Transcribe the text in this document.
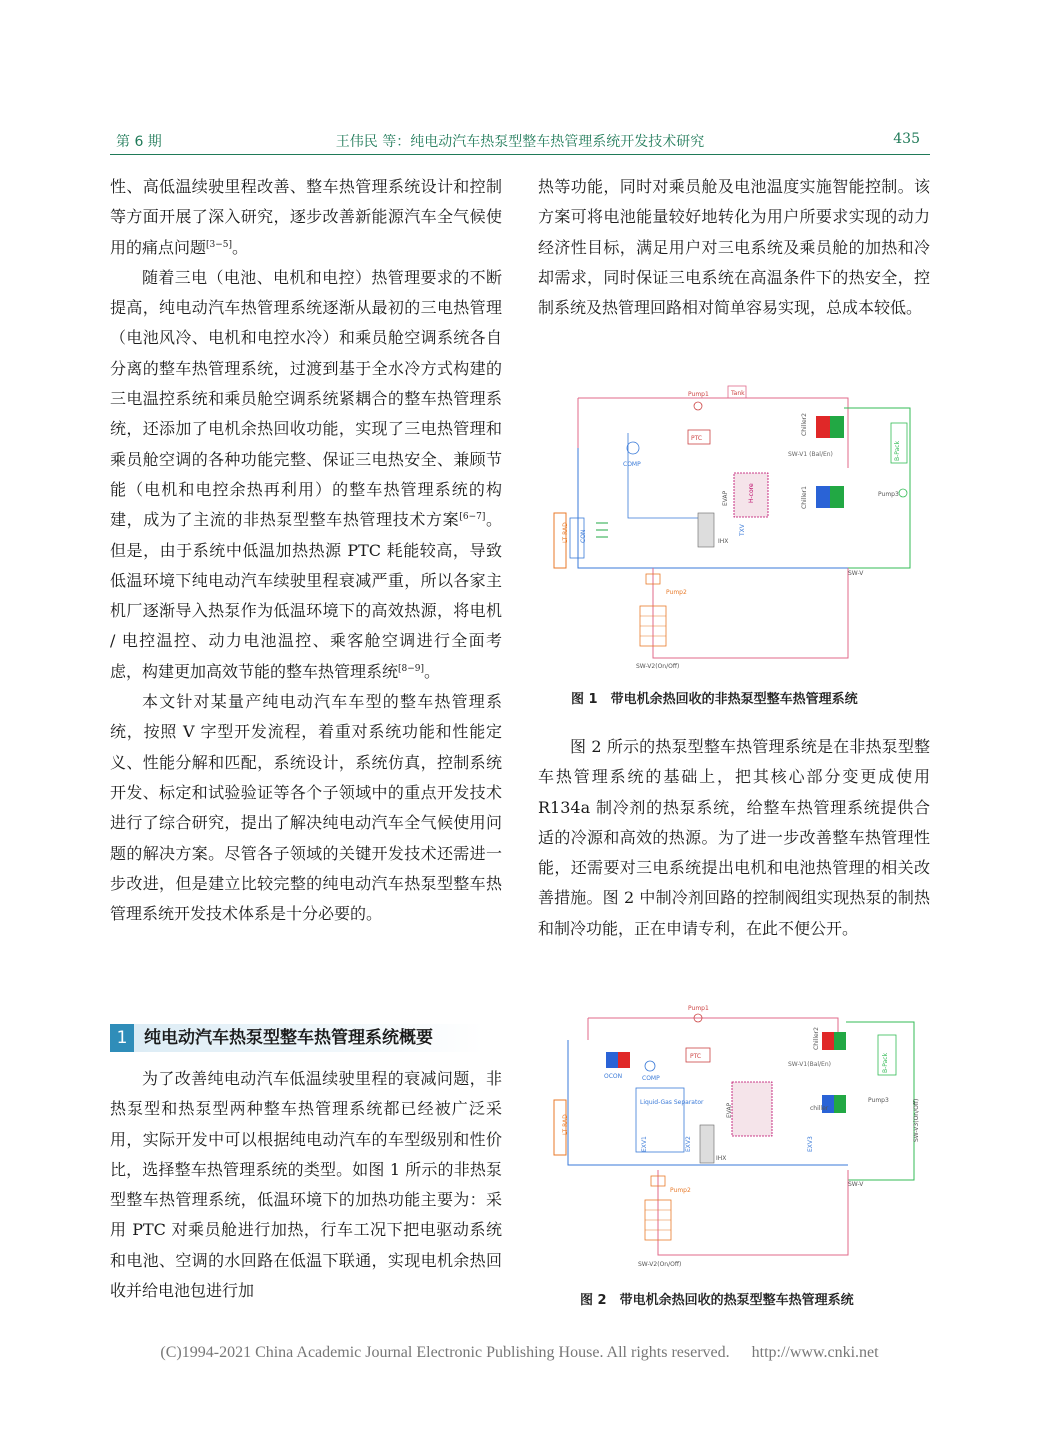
第 6 期	王伟民 等：纯电动汽车热泵型整车热管理系统开发技术研究	435

性、高低温续驶里程改善、整车热管理系统设计和控制等方面开展了深入研究，逐步改善新能源汽车全气候使用的痛点问题[3−5]。

随着三电（电池、电机和电控）热管理要求的不断提高，纯电动汽车热管理系统逐渐从最初的三电热管理（电池风冷、电机和电控水冷）和乘员舱空调系统各自分离的整车热管理系统，过渡到基于全水冷方式构建的三电温控系统和乘员舱空调系统紧耦合的整车热管理系统，还添加了电机余热回收功能，实现了三电热管理和乘员舱空调的各种功能完整、保证三电热安全、兼顾节能（电机和电控余热再利用）的整车热管理系统的构建，成为了主流的非热泵型整车热管理技术方案[6−7]。但是，由于系统中低温加热热源 PTC 耗能较高，导致低温环境下纯电动汽车续驶里程衰减严重，所以各家主机厂逐渐导入热泵作为低温环境下的高效热源，将电机 / 电控温控、动力电池温控、乘客舱空调进行全面考虑，构建更加高效节能的整车热管理系统[8−9]。

本文针对某量产纯电动汽车车型的整车热管理系统，按照 V 字型开发流程，着重对系统功能和性能定义、性能分解和匹配，系统设计，系统仿真，控制系统开发、标定和试验验证等各个子领域中的重点开发技术进行了综合研究，提出了解决纯电动汽车全气候使用问题的解决方案。尽管各子领域的关键开发技术还需进一步改进，但是建立比较完整的纯电动汽车热泵型整车热管理系统开发技术体系是十分必要的。

1 纯电动汽车热泵型整车热管理系统概要

为了改善纯电动汽车低温续驶里程的衰减问题，非热泵型和热泵型两种整车热管理系统都已经被广泛采用，实际开发中可以根据纯电动汽车的车型级别和性价比，选择整车热管理系统的类型。如图 1 所示的非热泵型整车热管理系统，低温环境下的加热功能主要为：采用 PTC 对乘员舱进行加热，行车工况下把电驱动系统和电池、空调的水回路在低温下联通，实现电机余热回收并给电池包进行加

热等功能，同时对乘员舱及电池温度实施智能控制。该方案可将电池能量较好地转化为用户所要求实现的动力经济性目标，满足用户对三电系统及乘员舱的加热和冷却需求，同时保证三电系统在高温条件下的热安全，控制系统及热管理回路相对简单容易实现，总成本较低。

图 2 所示的热泵型整车热管理系统是在非热泵型整车热管理系统的基础上，把其核心部分变更成使用 R134a 制冷剂的热泵系统，给整车热管理系统提供合适的冷源和高效的热源。为了进一步改善整车热管理性能，还需要对三电系统提出电机和电池热管理的相关改善措施。图 2 中制冷剂回路的控制阀组实现热泵的制热和制冷功能，正在申请专利，在此不便公开。

Tank
Pump1
PTC
Chiller2
Chiller1
SW-V1 (Bal/En)	B-Pack
Pump3
COMP
CON
LT RAD
H-core
EVAP
IHX
TXV
SW-V
Pump2
SW-V2(On/Off)
图 1　带电机余热回收的非热泵型整车热管理系统
Pump1
PTC
OCON	COMP
Chiller2
SW-V1(Bal/En)
chiller
B-Pack
Pump3	SW-V3(On/Off)
LT RAD
Liquid-Gas Separator
IHX
EVAP
EXV1	EXV2	EXV3
SW-V
Pump2
SW-V2(On/Off)
图 2　带电机余热回收的热泵型整车热管理系统
(C)1994-2021 China Academic Journal Electronic Publishing House. All rights reserved. http://www.cnki.net
